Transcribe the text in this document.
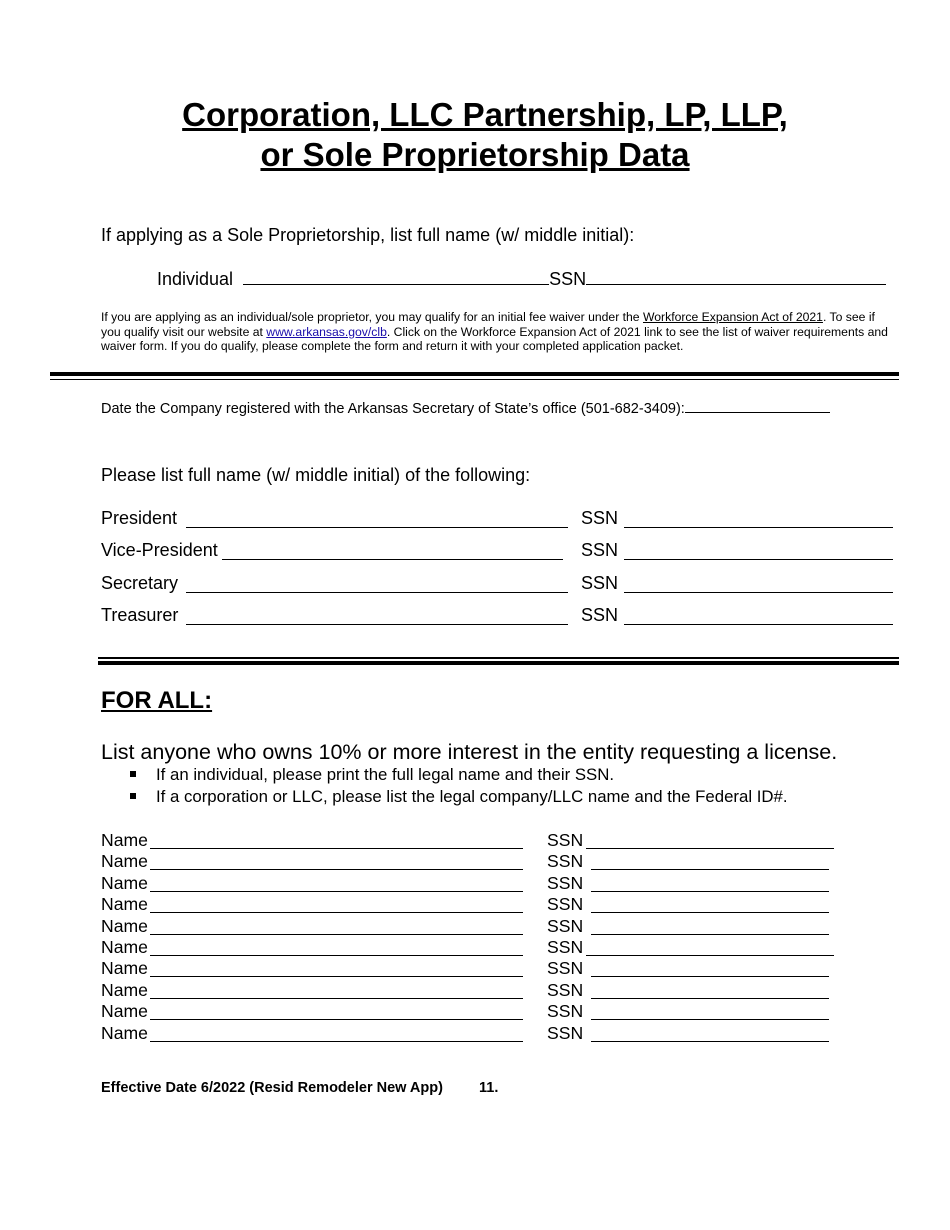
Corporation, LLC Partnership, LP, LLP,
or Sole Proprietorship Data
If applying as a Sole Proprietorship, list full name (w/ middle initial):
Individual	SSN
If you are applying as an individual/sole proprietor, you may qualify for an initial fee waiver under the Workforce Expansion Act of 2021. To see if you qualify visit our website at www.arkansas.gov/clb. Click on the Workforce Expansion Act of 2021 link to see the list of waiver requirements and waiver form. If you do qualify, please complete the form and return it with your completed application packet.
Date the Company registered with the Arkansas Secretary of State’s office (501-682-3409):
Please list full name (w/ middle initial) of the following:
President	SSN
Vice-President	SSN
Secretary	SSN
Treasurer	SSN
FOR ALL:
List anyone who owns 10% or more interest in the entity requesting a license.
If an individual, please print the full legal name and their SSN.
If a corporation or LLC, please list the legal company/LLC name and the Federal ID#.
Name	SSN
Name	SSN
Name	SSN
Name	SSN
Name	SSN
Name	SSN
Name	SSN
Name	SSN
Name	SSN
Name	SSN
Effective Date 6/2022 (Resid Remodeler New App) 11.
